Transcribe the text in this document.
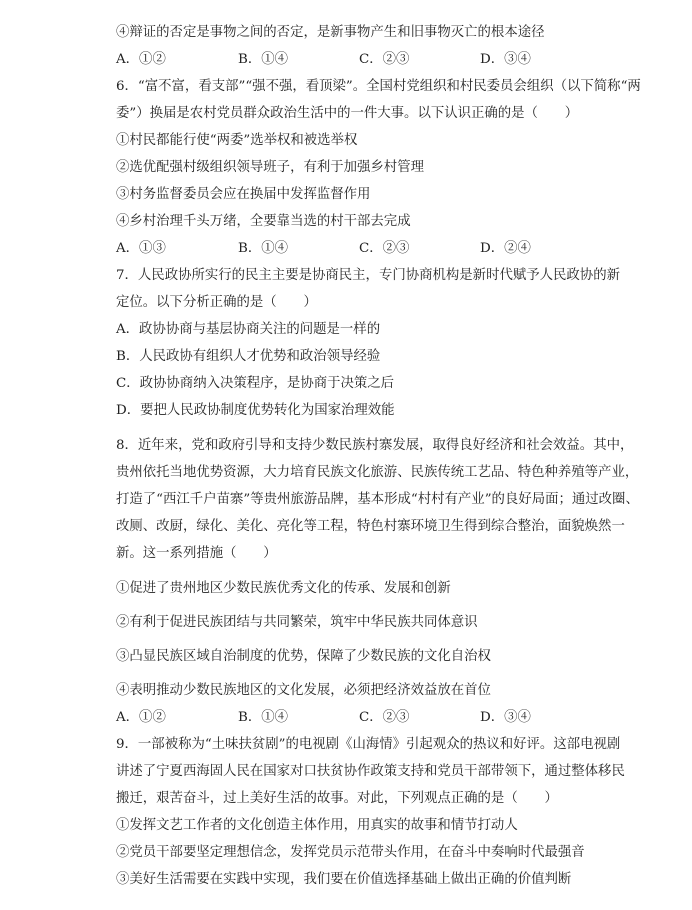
④辩证的否定是事物之间的否定，是新事物产生和旧事物灭亡的根本途径
A．①②	B．①④	C．②③	D．③④
6．“富不富，看支部”“强不强，看顶梁”。全国村党组织和村民委员会组织（以下简称“两
委”）换届是农村党员群众政治生活中的一件大事。以下认识正确的是（　　）
①村民都能行使“两委”选举权和被选举权
②选优配强村级组织领导班子，有利于加强乡村管理
③村务监督委员会应在换届中发挥监督作用
④乡村治理千头万绪，全要靠当选的村干部去完成
A．①③	B．①④	C．②③	D．②④
7．人民政协所实行的民主主要是协商民主，专门协商机构是新时代赋予人民政协的新
定位。以下分析正确的是（　　）
A．政协协商与基层协商关注的问题是一样的
B．人民政协有组织人才优势和政治领导经验
C．政协协商纳入决策程序，是协商于决策之后
D．要把人民政协制度优势转化为国家治理效能
8．近年来，党和政府引导和支持少数民族村寨发展，取得良好经济和社会效益。其中，
贵州依托当地优势资源，大力培育民族文化旅游、民族传统工艺品、特色种养殖等产业，
打造了“西江千户苗寨”等贵州旅游品牌，基本形成“村村有产业”的良好局面；通过改圈、
改厕、改厨，绿化、美化、亮化等工程，特色村寨环境卫生得到综合整治，面貌焕然一
新。这一系列措施（　　）
①促进了贵州地区少数民族优秀文化的传承、发展和创新
②有利于促进民族团结与共同繁荣，筑牢中华民族共同体意识
③凸显民族区域自治制度的优势，保障了少数民族的文化自治权
④表明推动少数民族地区的文化发展，必须把经济效益放在首位
A．①②	B．①④	C．②③	D．③④
9．一部被称为“土味扶贫剧”的电视剧《山海情》引起观众的热议和好评。这部电视剧
讲述了宁夏西海固人民在国家对口扶贫协作政策支持和党员干部带领下，通过整体移民
搬迁，艰苦奋斗，过上美好生活的故事。对此，下列观点正确的是（　　）
①发挥文艺工作者的文化创造主体作用，用真实的故事和情节打动人
②党员干部要坚定理想信念，发挥党员示范带头作用，在奋斗中奏响时代最强音
③美好生活需要在实践中实现，我们要在价值选择基础上做出正确的价值判断
